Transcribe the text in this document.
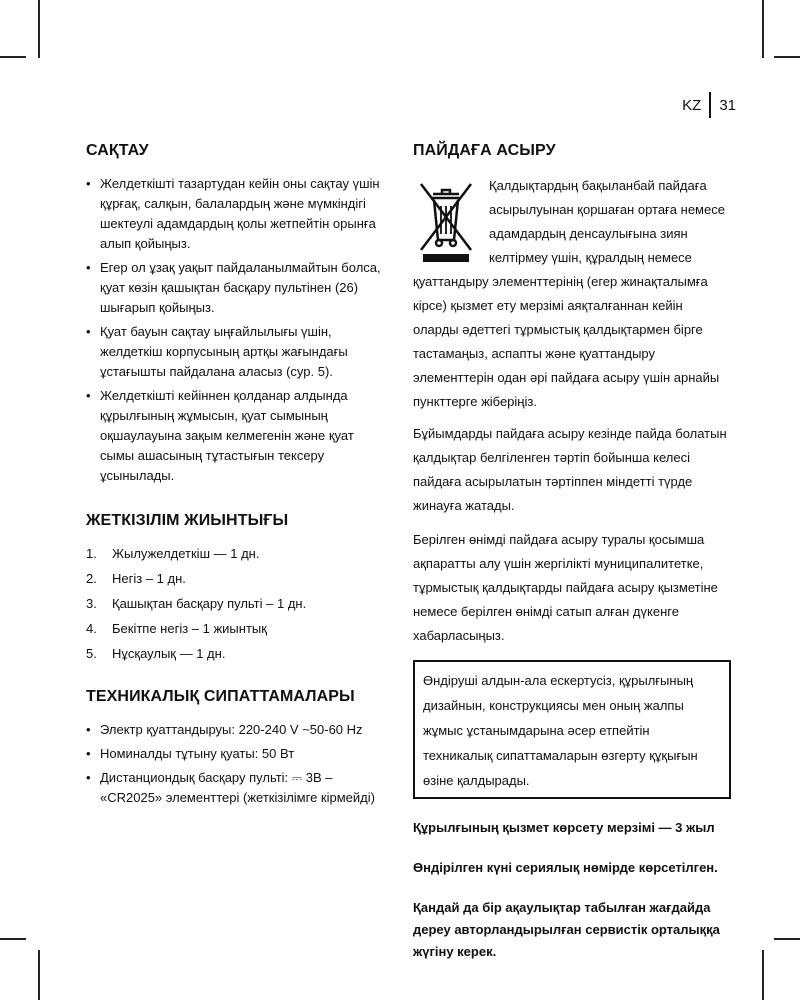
KZ 31
САҚТАУ
• Желдеткішті тазартудан кейін оны сақтау үшін құрғақ, салқын, балалардың және мүмкіндігі шектеулі адамдардың қолы жетпейтін орынға алып қойыңыз.
• Егер ол ұзақ уақыт пайдаланылмайтын болса, қуат көзін қашықтан басқару пультінен (26) шығарып қойыңыз.
• Қуат бауын сақтау ыңғайлылығы үшін, желдеткіш корпусының артқы жағындағы ұстағышты пайдалана аласыз (сур. 5).
• Желдеткішті кейіннен қолданар алдында құрылғының жұмысын, қуат сымының оқшаулауына зақым келмегенін және қуат сымы ашасының тұтастығын тексеру ұсынылады.
ЖЕТКІЗІЛІМ ЖИЫНТЫҒЫ
1.	Жылужелдеткіш — 1 дн.
2.	Негіз – 1 дн.
3.	Қашықтан басқару пульті – 1 дн.
4.	Бекітпе негіз – 1 жиынтық
5.	Нұсқаулық — 1 дн.
ТЕХНИКАЛЫҚ СИПАТТАМАЛАРЫ
• Электр қуаттандыруы: 220-240 V ~50-60 Hz
• Номиналды тұтыну қуаты: 50 Вт
• Дистанциондық басқару пульті: ⎓ 3В – «CR2025» элементтері (жеткізілімге кірмейді)
ПАЙДАҒА АСЫРУ

Қалдықтардың бақыланбай пайдаға асырылуынан қоршаған ортаға немесе адамдардың денсаулығына зиян келтірмеу үшін, құралдың немесе қуаттандыру элементтерінің (егер жинақталымға кірсе) қызмет ету мерзімі аяқталғаннан кейін оларды әдеттегі тұрмыстық қалдықтармен бірге тастамаңыз, аспапты және қуаттандыру элементтерін одан әрі пайдаға асыру үшін арнайы пункттерге жіберіңіз.

Бұйымдарды пайдаға асыру кезінде пайда болатын қалдықтар белгіленген тәртіп бойынша келесі пайдаға асырылатын тәртіппен міндетті түрде жинауға жатады.

Берілген өнімді пайдаға асыру туралы қосымша ақпаратты алу үшін жергілікті муниципалитетке, тұрмыстық қалдықтарды пайдаға асыру қызметіне немесе берілген өнімді сатып алған дүкенге хабарласыңыз.

Өндіруші алдын-ала ескертусіз, құрылғының дизайнын, конструкциясы мен оның жалпы жұмыс ұстанымдарына әсер етпейтін техникалық сипаттамаларын өзгерту құқығын өзіне қалдырады.
Құрылғының қызмет көрсету мерзімі — 3 жыл
Өндірілген күні сериялық нөмірде көрсетілген.
Қандай да бір ақаулықтар табылған жағдайда дереу авторландырылған сервистік орталыққа жүгіну керек.
